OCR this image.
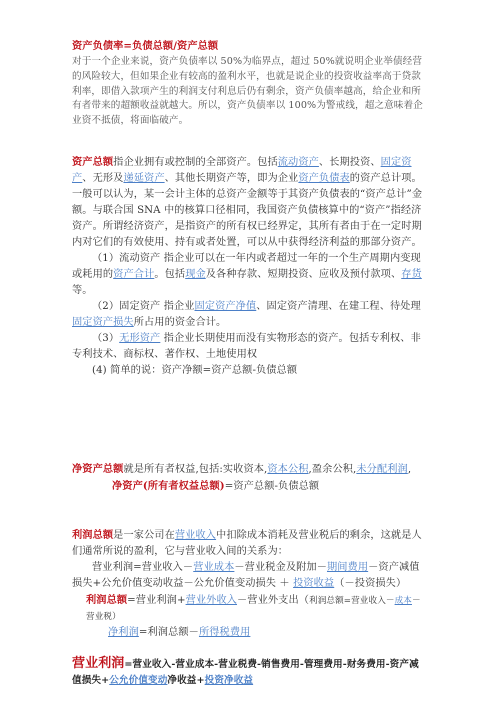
资产负债率=负债总额/资产总额

对于一个企业来说，资产负债率以 50%为临界点，超过 50%就说明企业举债经营的风险较大，但如果企业有较高的盈利水平，也就是说企业的投资收益率高于贷款利率，即借入款项产生的利润支付利息后仍有剩余，资产负债率越高，给企业和所有者带来的超额收益就越大。所以，资产负债率以 100%为警戒线，超之意味着企业资不抵债，将面临破产。

资产总额指企业拥有或控制的全部资产。包括流动资产、长期投资、固定资产、无形及递延资产、其他长期资产等，即为企业资产负债表的资产总计项。 一般可以认为，某一会计主体的总资产金额等于其资产负债表的“资产总计”金额。与联合国 SNA 中的核算口径相同，我国资产负债核算中的“资产”指经济资产。所谓经济资产，是指资产的所有权已经界定，其所有者由于在一定时期内对它们的有效使用、持有或者处置，可以从中获得经济利益的那部分资产。

（1）流动资产 指企业可以在一年内或者超过一年的一个生产周期内变现或耗用的资产合计。包括现金及各种存款、短期投资、应收及预付款项、存货等。

（2）固定资产 指企业固定资产净值、固定资产清理、在建工程、待处理固定资产损失所占用的资金合计。

（3）无形资产 指企业长期使用而没有实物形态的资产。包括专利权、非专利技术、商标权、著作权、土地使用权

(4) 简单的说：资产净额=资产总额-负债总额

净资产总额就是所有者权益,包括:实收资本,资本公积,盈余公积,未分配利润,

净资产(所有者权益总额)=资产总额-负债总额

利润总额是一家公司在营业收入中扣除成本消耗及营业税后的剩余，这就是人们通常所说的盈利，它与营业收入间的关系为：

营业利润=营业收入－营业成本－营业税金及附加－期间费用－资产减值损失+公允价值变动收益－公允价值变动损失 ＋ 投资收益（－投资损失）

利润总额=营业利润+营业外收入－营业外支出（利润总额=营业收入－成本－营业税）

净利润=利润总额－所得税费用

营业利润=营业收入-营业成本-营业税费-销售费用-管理费用-财务费用-资产减值损失+公允价值变动净收益+投资净收益
